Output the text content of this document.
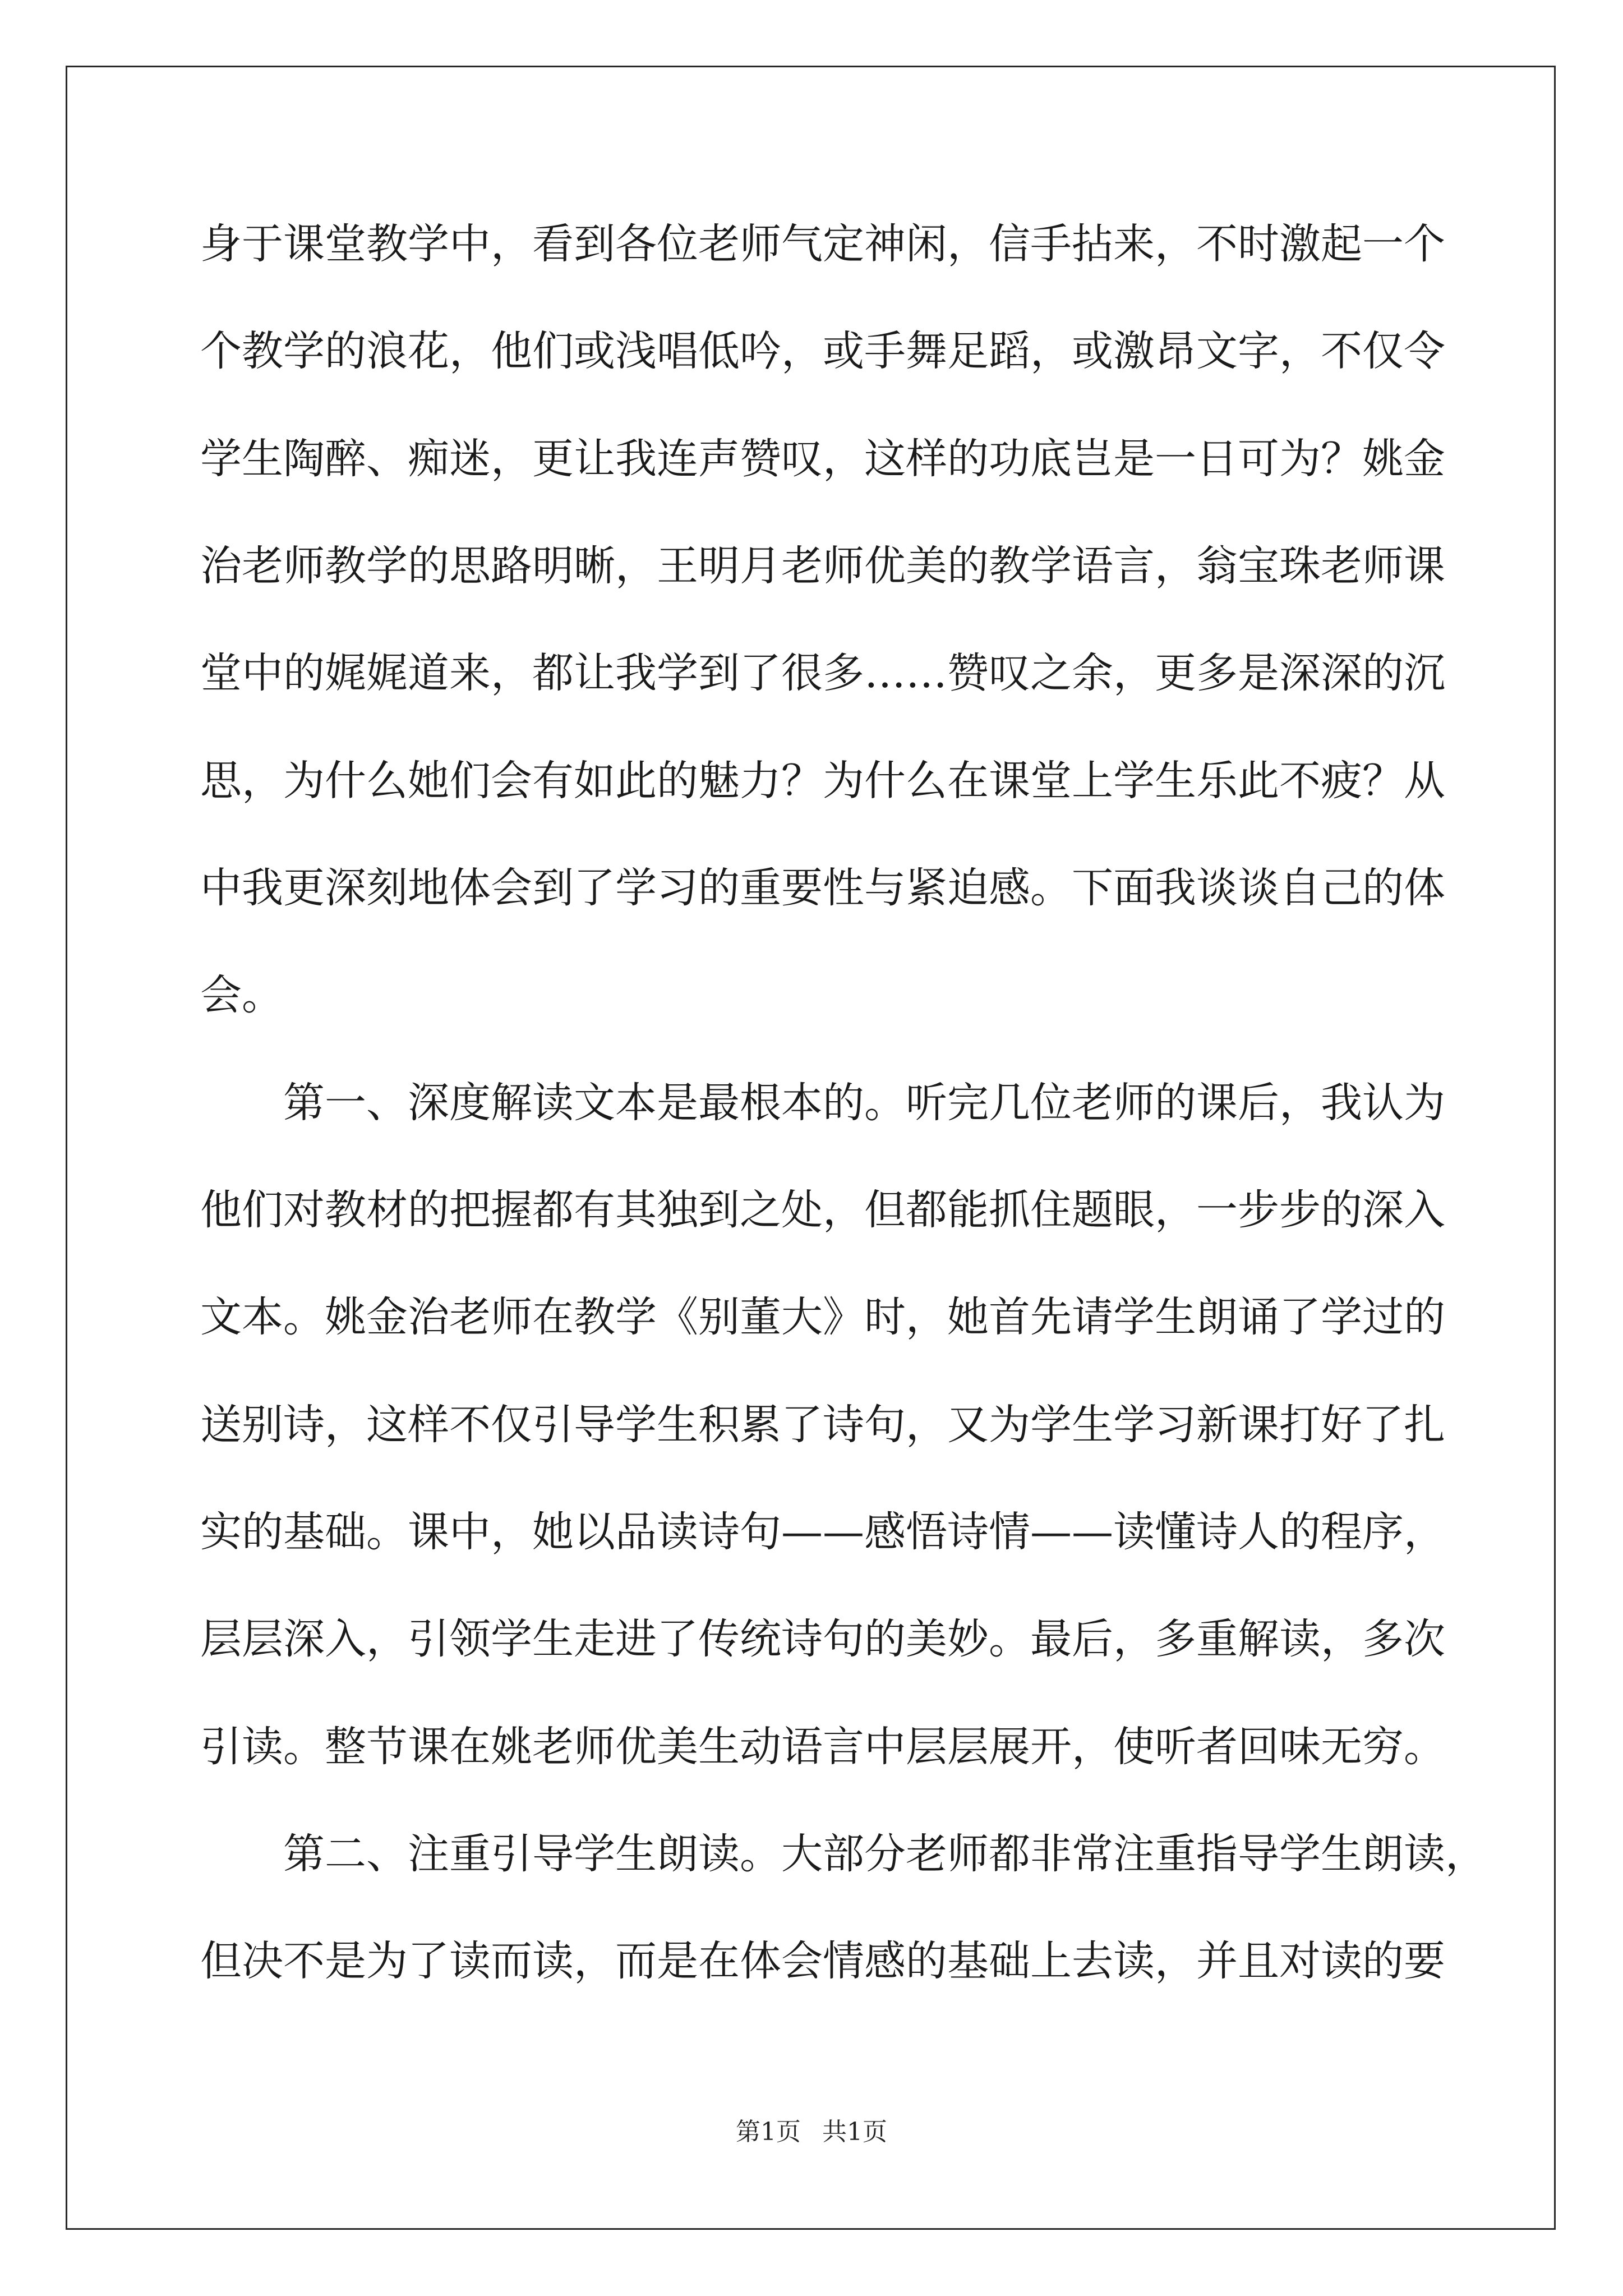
身于课堂教学中，看到各位老师气定神闲，信手拈来，不时激起一个
个教学的浪花，他们或浅唱低吟，或手舞足蹈，或激昂文字，不仅令
学生陶醉、痴迷，更让我连声赞叹，这样的功底岂是一日可为？姚金
治老师教学的思路明晰，王明月老师优美的教学语言，翁宝珠老师课
堂中的娓娓道来，都让我学到了很多……赞叹之余，更多是深深的沉
思，为什么她们会有如此的魅力？为什么在课堂上学生乐此不疲？从
中我更深刻地体会到了学习的重要性与紧迫感。下面我谈谈自己的体
会。
第一、深度解读文本是最根本的。听完几位老师的课后，我认为
他们对教材的把握都有其独到之处，但都能抓住题眼，一步步的深入
文本。姚金治老师在教学《别董大》时，她首先请学生朗诵了学过的
送别诗，这样不仅引导学生积累了诗句，又为学生学习新课打好了扎
实的基础。课中，她以品读诗句——感悟诗情——读懂诗人的程序，
层层深入，引领学生走进了传统诗句的美妙。最后，多重解读，多次
引读。整节课在姚老师优美生动语言中层层展开，使听者回味无穷。
第二、注重引导学生朗读。大部分老师都非常注重指导学生朗读，
但决不是为了读而读，而是在体会情感的基础上去读，并且对读的要
第1页 共1页
